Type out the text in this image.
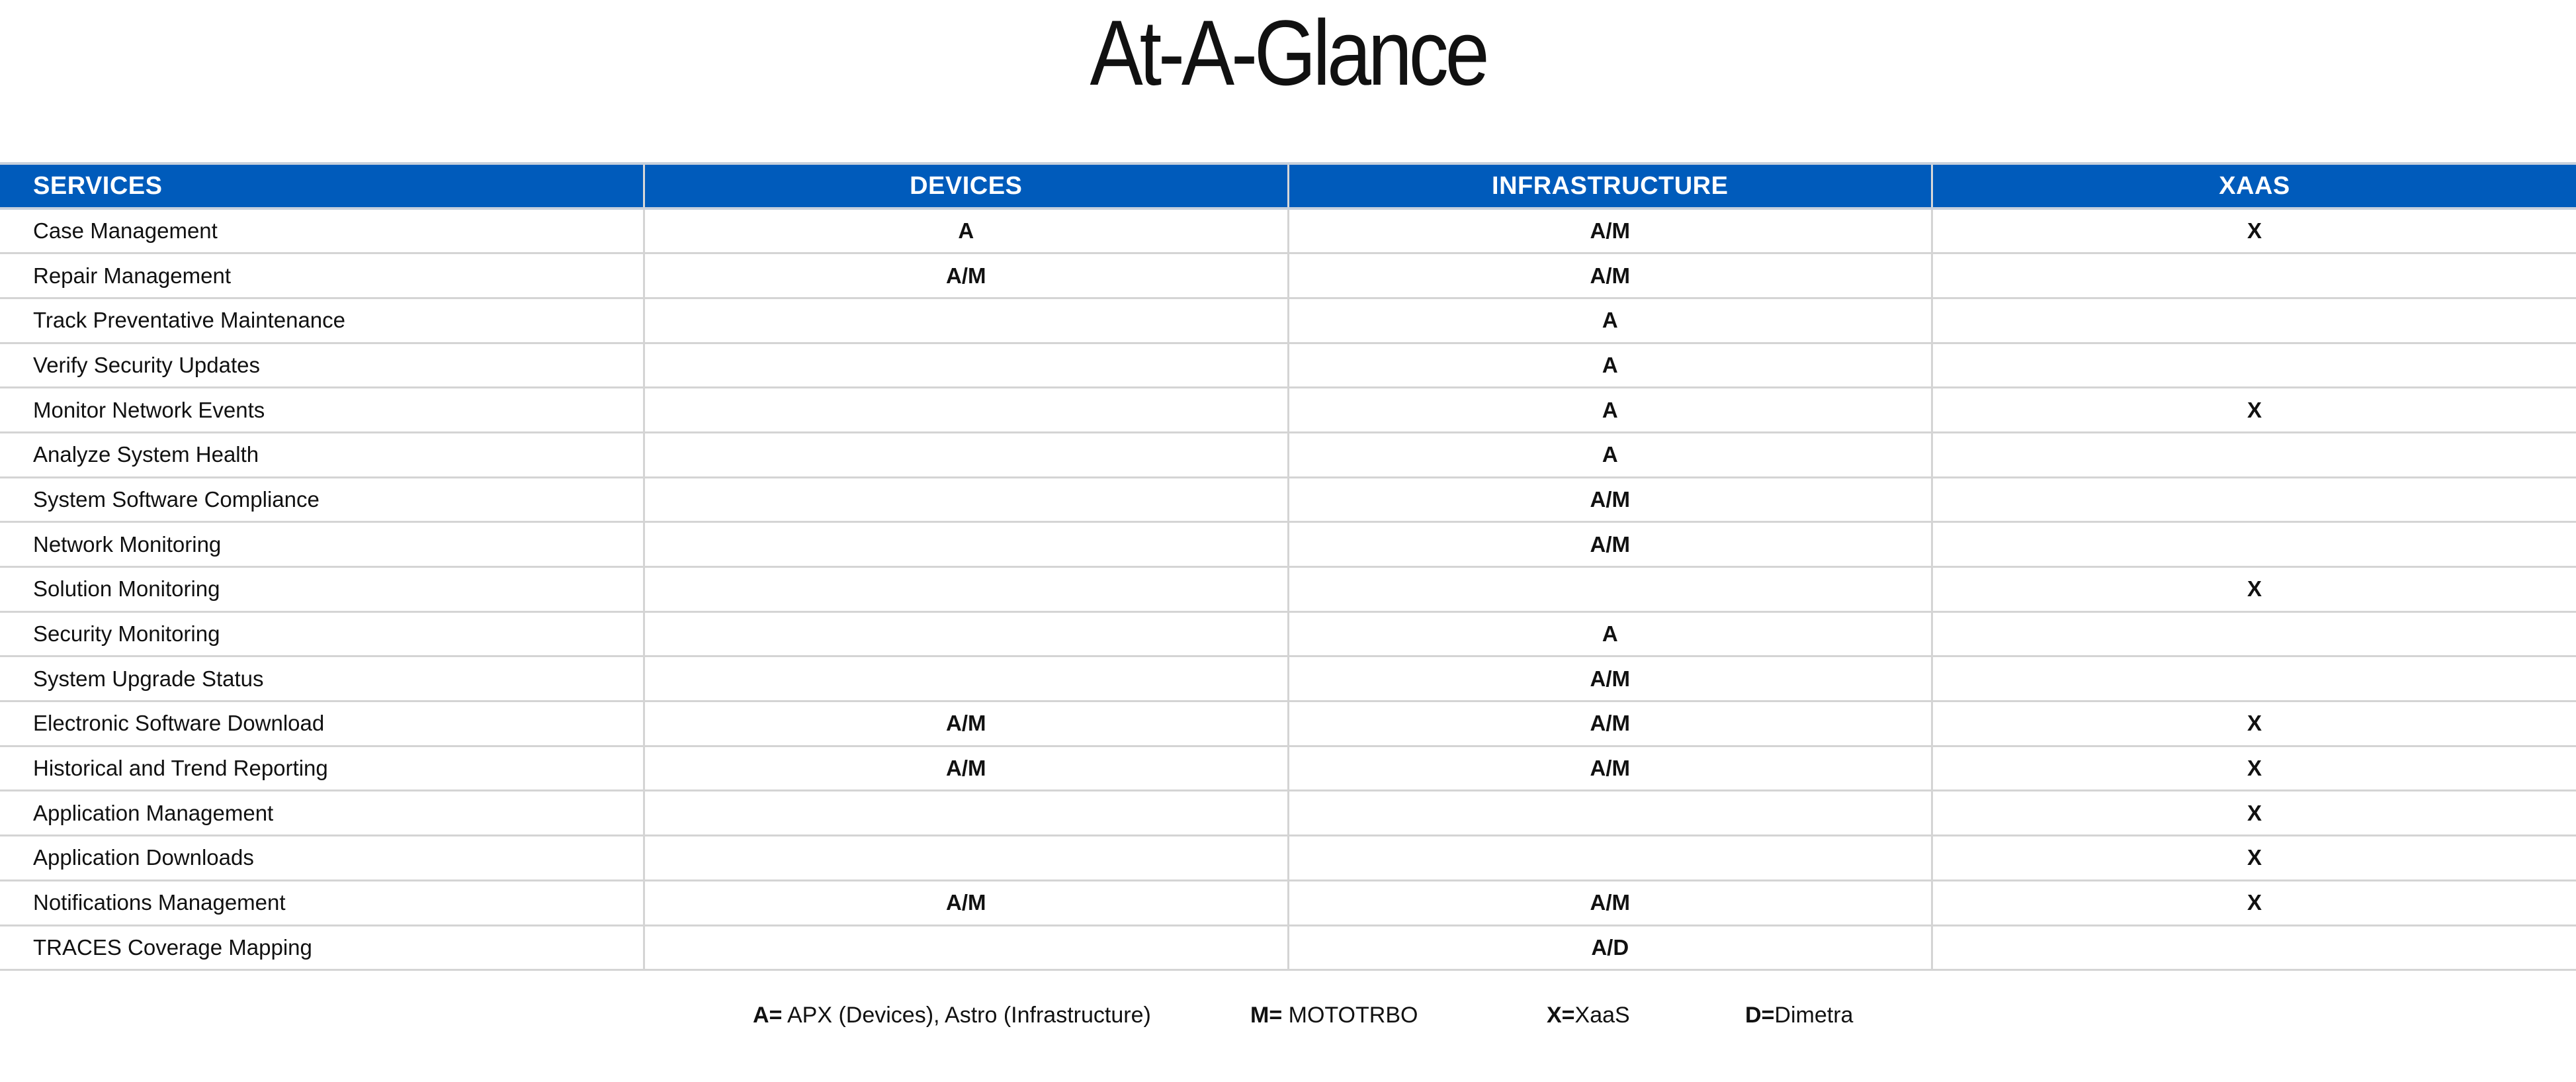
At-A-Glance
SERVICES	DEVICES	INFRASTRUCTURE	XAAS
Case Management	A	A/M	X
Repair Management	A/M	A/M	
Track Preventative Maintenance		A	
Verify Security Updates		A	
Monitor Network Events		A	X
Analyze System Health		A	
System Software Compliance		A/M	
Network Monitoring		A/M	
Solution Monitoring			X
Security Monitoring		A	
System Upgrade Status		A/M	
Electronic Software Download	A/M	A/M	X
Historical and Trend Reporting	A/M	A/M	X
Application Management			X
Application Downloads			X
Notifications Management	A/M	A/M	X
TRACES Coverage Mapping		A/D	
A= APX (Devices), Astro (Infrastructure)	M= MOTOTRBO	X=XaaS	D=Dimetra
